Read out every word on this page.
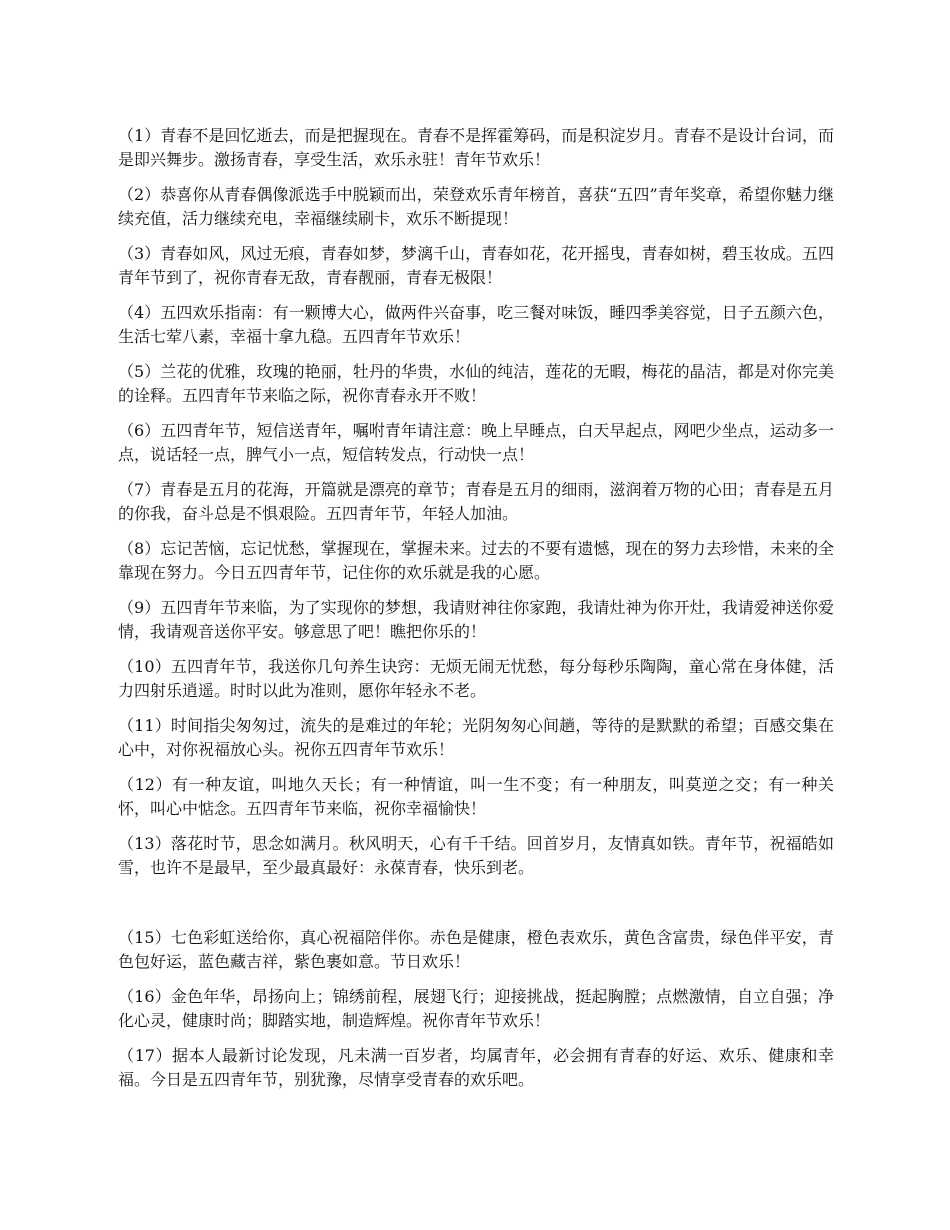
（1）青春不是回忆逝去，而是把握现在。青春不是挥霍筹码，而是积淀岁月。青春不是设计台词，而是即兴舞步。激扬青春，享受生活，欢乐永驻！青年节欢乐！

（2）恭喜你从青春偶像派选手中脱颖而出，荣登欢乐青年榜首，喜获“五四”青年奖章，希望你魅力继续充值，活力继续充电，幸福继续刷卡，欢乐不断提现！

（3）青春如风，风过无痕，青春如梦，梦漓千山，青春如花，花开摇曳，青春如树，碧玉妆成。五四青年节到了，祝你青春无敌，青春靓丽，青春无极限！

（4）五四欢乐指南：有一颗博大心，做两件兴奋事，吃三餐对味饭，睡四季美容觉，日子五颜六色，生活七荤八素，幸福十拿九稳。五四青年节欢乐！

（5）兰花的优雅，玫瑰的艳丽，牡丹的华贵，水仙的纯洁，莲花的无暇，梅花的晶洁，都是对你完美的诠释。五四青年节来临之际，祝你青春永开不败！

（6）五四青年节，短信送青年，嘱咐青年请注意：晚上早睡点，白天早起点，网吧少坐点，运动多一点，说话轻一点，脾气小一点，短信转发点，行动快一点！

（7）青春是五月的花海，开篇就是漂亮的章节；青春是五月的细雨，滋润着万物的心田；青春是五月的你我，奋斗总是不惧艰险。五四青年节，年轻人加油。

（8）忘记苦恼，忘记忧愁，掌握现在，掌握未来。过去的不要有遗憾，现在的努力去珍惜，未来的全靠现在努力。今日五四青年节，记住你的欢乐就是我的心愿。

（9）五四青年节来临，为了实现你的梦想，我请财神往你家跑，我请灶神为你开灶，我请爱神送你爱情，我请观音送你平安。够意思了吧！瞧把你乐的！

（10）五四青年节，我送你几句养生诀窍：无烦无闹无忧愁，每分每秒乐陶陶，童心常在身体健，活力四射乐逍遥。时时以此为准则，愿你年轻永不老。

（11）时间指尖匆匆过，流失的是难过的年轮；光阴匆匆心间趟，等待的是默默的希望；百感交集在心中，对你祝福放心头。祝你五四青年节欢乐！

（12）有一种友谊，叫地久天长；有一种情谊，叫一生不变；有一种朋友，叫莫逆之交；有一种关怀，叫心中惦念。五四青年节来临，祝你幸福愉快！

（13）落花时节，思念如满月。秋风明天，心有千千结。回首岁月，友情真如铁。青年节，祝福皓如雪，也许不是最早，至少最真最好：永葆青春，快乐到老。

（15）七色彩虹送给你，真心祝福陪伴你。赤色是健康，橙色表欢乐，黄色含富贵，绿色伴平安，青色包好运，蓝色藏吉祥，紫色裹如意。节日欢乐！

（16）金色年华，昂扬向上；锦绣前程，展翅飞行；迎接挑战，挺起胸膛；点燃激情，自立自强；净化心灵，健康时尚；脚踏实地，制造辉煌。祝你青年节欢乐！

（17）据本人最新讨论发现，凡未满一百岁者，均属青年，必会拥有青春的好运、欢乐、健康和幸福。今日是五四青年节，别犹豫，尽情享受青春的欢乐吧。
